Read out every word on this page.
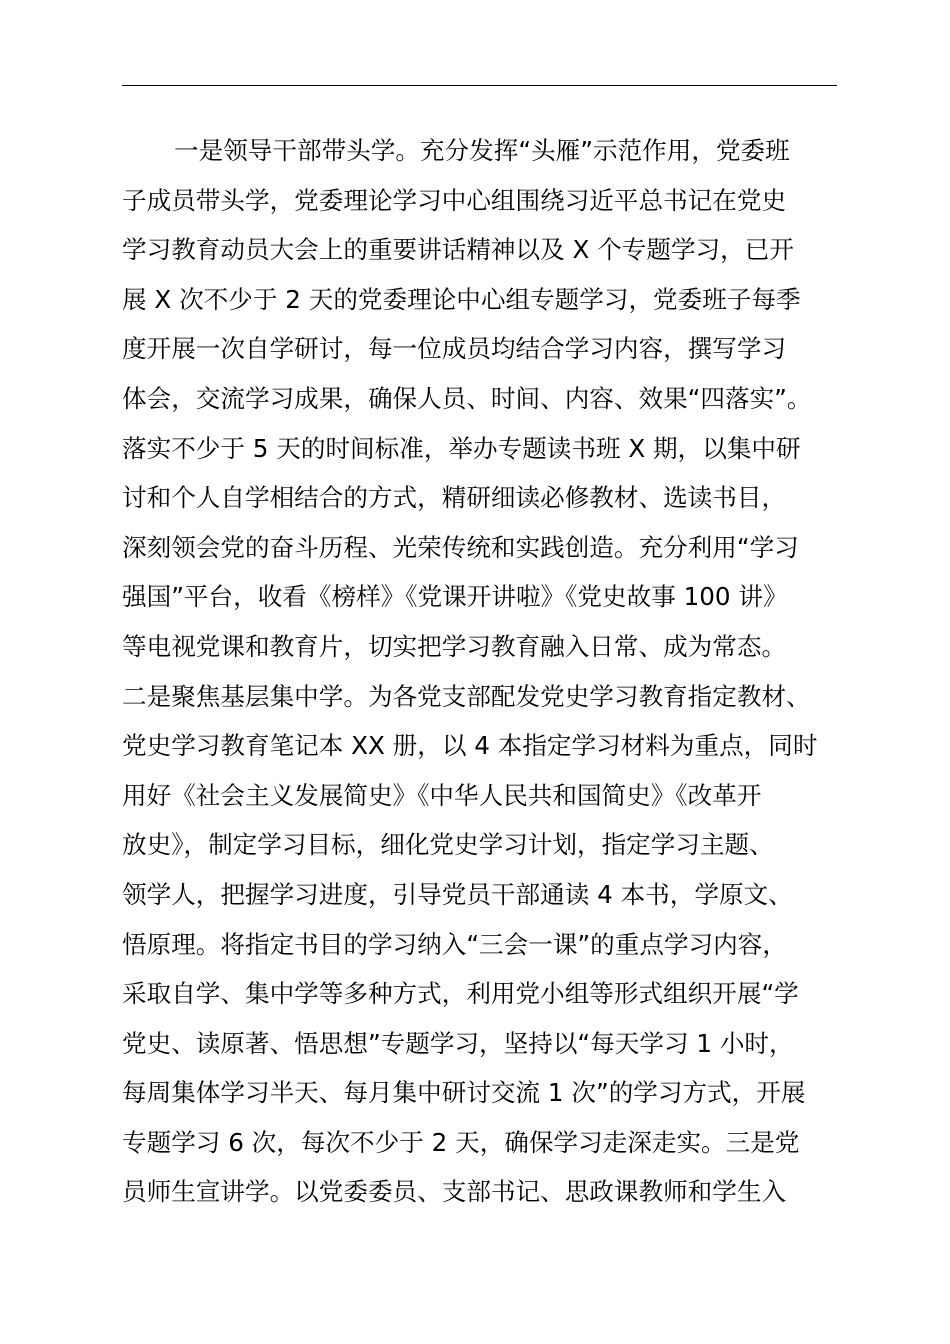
一是领导干部带头学。充分发挥“头雁”示范作用，党委班
子成员带头学，党委理论学习中心组围绕习近平总书记在党史
学习教育动员大会上的重要讲话精神以及 X 个专题学习，已开
展 X 次不少于 2 天的党委理论中心组专题学习，党委班子每季
度开展一次自学研讨，每一位成员均结合学习内容，撰写学习
体会，交流学习成果，确保人员、时间、内容、效果“四落实”。
落实不少于 5 天的时间标准，举办专题读书班 X 期，以集中研
讨和个人自学相结合的方式，精研细读必修教材、选读书目，
深刻领会党的奋斗历程、光荣传统和实践创造。充分利用“学习
强国”平台，收看《榜样》《党课开讲啦》《党史故事 100 讲》
等电视党课和教育片，切实把学习教育融入日常、成为常态。
二是聚焦基层集中学。为各党支部配发党史学习教育指定教材、
党史学习教育笔记本 XX 册，以 4 本指定学习材料为重点，同时
用好《社会主义发展简史》《中华人民共和国简史》《改革开
放史》，制定学习目标，细化党史学习计划，指定学习主题、
领学人，把握学习进度，引导党员干部通读 4 本书，学原文、
悟原理。将指定书目的学习纳入“三会一课”的重点学习内容，
采取自学、集中学等多种方式，利用党小组等形式组织开展“学
党史、读原著、悟思想”专题学习，坚持以“每天学习 1 小时，
每周集体学习半天、每月集中研讨交流 1 次”的学习方式，开展
专题学习 6 次，每次不少于 2 天，确保学习走深走实。三是党
员师生宣讲学。以党委委员、支部书记、思政课教师和学生入
